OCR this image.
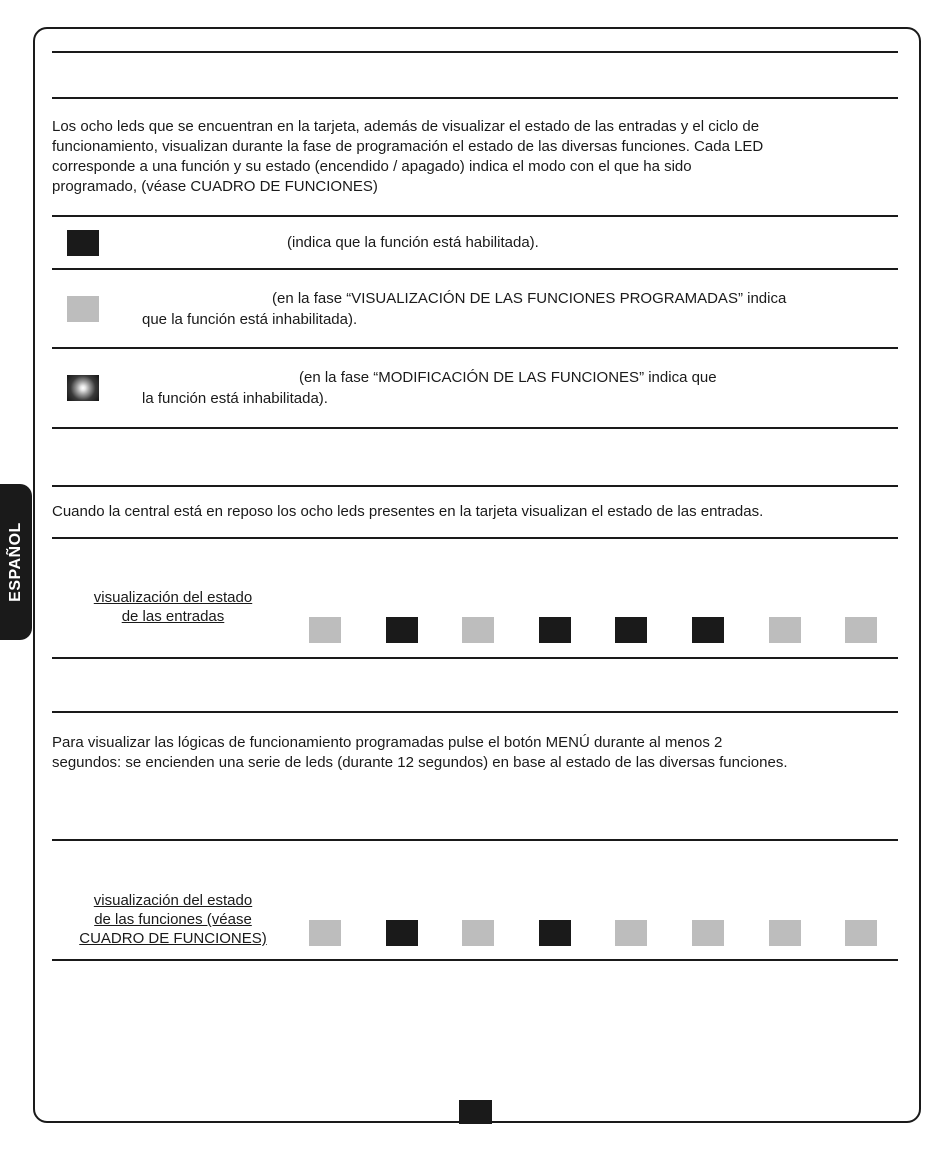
ESPAÑOL
Los ocho leds que se encuentran en la tarjeta, además de visualizar el estado de las entradas y el ciclo de
funcionamiento, visualizan durante la fase de programación el estado de las diversas funciones. Cada LED
corresponde a una función y su estado (encendido / apagado) indica el modo con el que ha sido
programado, (véase CUADRO DE FUNCIONES)
(indica que la función está habilitada).
(en la fase “VISUALIZACIÓN DE LAS FUNCIONES PROGRAMADAS” indica
que la función está inhabilitada).
(en la fase “MODIFICACIÓN DE LAS FUNCIONES” indica que
la función está inhabilitada).
Cuando la central está en reposo los ocho leds presentes en la tarjeta visualizan el estado de las entradas.
visualización del estado
de las entradas
Para visualizar las lógicas de funcionamiento programadas pulse el botón MENÚ durante al menos 2
segundos: se encienden una serie de leds (durante 12 segundos) en base al estado de las diversas funciones.
visualización del estado
de las funciones (véase
CUADRO DE FUNCIONES)
